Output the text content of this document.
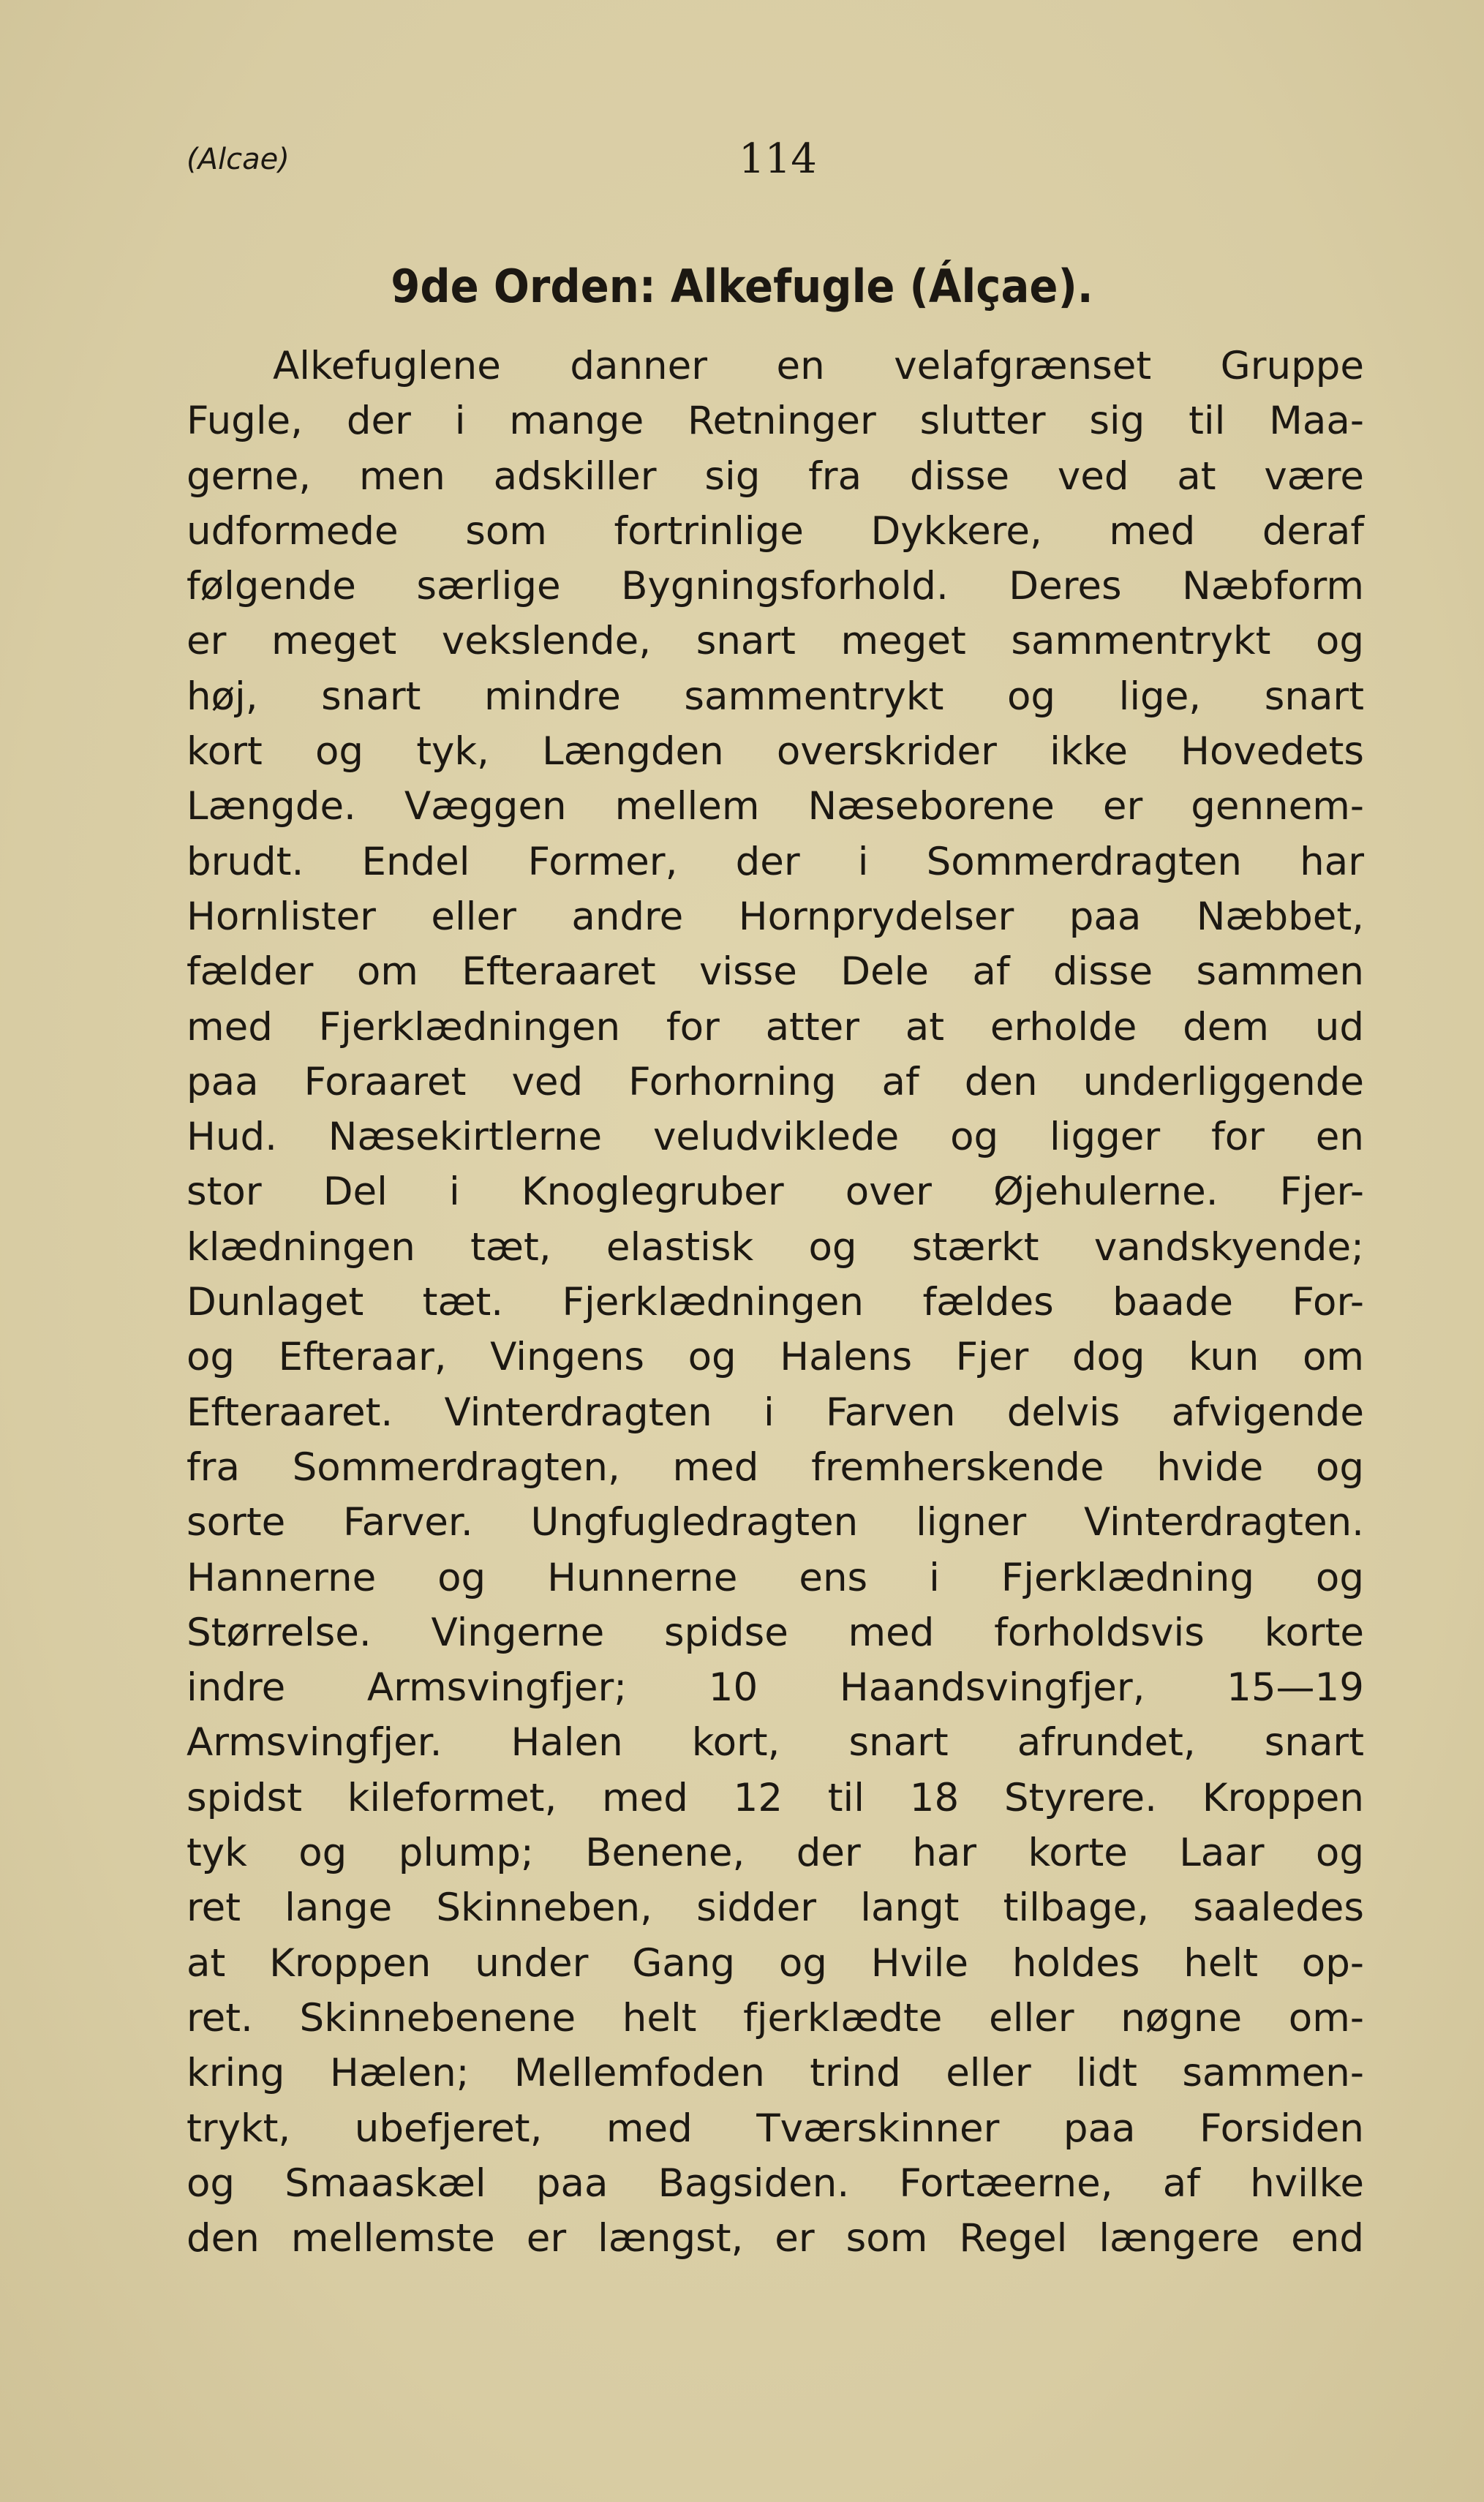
(Alcae)	114
9de Orden: Alkefugle (Álçae).
Alkefuglene danner en velafgrænset Gruppe
Fugle, der i mange Retninger slutter sig til Maa-
gerne, men adskiller sig fra disse ved at være
udformede som fortrinlige Dykkere, med deraf
følgende særlige Bygningsforhold. Deres Næbform
er meget vekslende, snart meget sammentrykt og
høj, snart mindre sammentrykt og lige, snart
kort og tyk, Længden overskrider ikke Hovedets
Længde. Væggen mellem Næseborene er gennem-
brudt. Endel Former, der i Sommerdragten har
Hornlister eller andre Hornprydelser paa Næbbet,
fælder om Efteraaret visse Dele af disse sammen
med Fjerklædningen for atter at erholde dem ud
paa Foraaret ved Forhorning af den underliggende
Hud. Næsekirtlerne veludviklede og ligger for en
stor Del i Knoglegruber over Øjehulerne. Fjer-
klædningen tæt, elastisk og stærkt vandskyende;
Dunlaget tæt. Fjerklædningen fældes baade For-
og Efteraar, Vingens og Halens Fjer dog kun om
Efteraaret. Vinterdragten i Farven delvis afvigende
fra Sommerdragten, med fremherskende hvide og
sorte Farver. Ungfugledragten ligner Vinterdragten.
Hannerne og Hunnerne ens i Fjerklædning og
Størrelse. Vingerne spidse med forholdsvis korte
indre Armsvingfjer; 10 Haandsvingfjer, 15—19
Armsvingfjer. Halen kort, snart afrundet, snart
spidst kileformet, med 12 til 18 Styrere. Kroppen
tyk og plump; Benene, der har korte Laar og
ret lange Skinneben, sidder langt tilbage, saaledes
at Kroppen under Gang og Hvile holdes helt op-
ret. Skinnebenene helt fjerklædte eller nøgne om-
kring Hælen; Mellemfoden trind eller lidt sammen-
trykt, ubefjeret, med Tværskinner paa Forsiden
og Smaaskæl paa Bagsiden. Fortæerne, af hvilke
den mellemste er længst, er som Regel længere end
